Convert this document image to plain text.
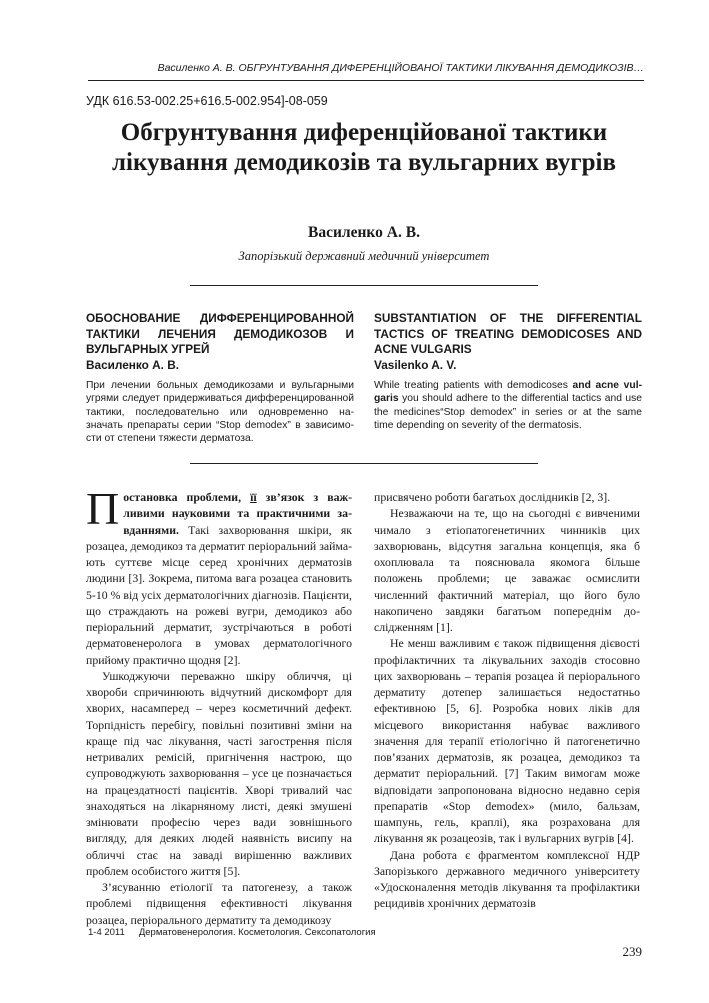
Василенко А. В. ОБГРУНТУВАННЯ ДИФЕРЕНЦІЙОВАНОЇ ТАКТИКИ ЛІКУВАННЯ ДЕМОДИКОЗІВ…
УДК 616.53-002.25+616.5-002.954]-08-059
Обгрунтування диференційованої тактики лікування демодикозів та вульгарних вугрів
Василенко А. В.
Запорізький державний медичний університет
ОБОСНОВАНИЕ ДИФФЕРЕНЦИРОВАННОЙ ТАКТИКИ ЛЕЧЕНИЯ ДЕМОДИКОЗОВ И ВУЛЬГАРНЫХ УГРЕЙ
Василенко А. В.
При лечении больных демодикозами и вульгарными угрями следует придерживаться дифференцированной тактики, последовательно или одновременно назначать препараты серии “Stop demodex” в зависимости от степени тяжести дерматоза.
SUBSTANTIATION OF THE DIFFERENTIAL TACTICS OF TREATING DEMODICOSES AND ACNE VULGARIS
Vasilenko A. V.
While treating patients with demodicoses and acne vulgaris you should adhere to the differential tactics and use the medicines“Stop demodex” in series or at the same time depending on severity of the dermatosis.

Постановка проблеми, її зв’язок з важливими науковими та практичними завданнями. Такі захворювання шкіри, як розацеа, демодикоз та дерматит періоральний займають суттєве місце серед хронічних дерматозів людини [3]. Зокрема, питома вага розацеа становить 5-10 % від усіх дерматологічних діагнозів. Пацієнти, що страждають на рожеві вугри, демодикоз або періоральний дерматит, зустрічаються в роботі дерматовенеролога в умовах дерматологічного прийому практично щодня [2].

Ушкоджуючи переважно шкіру обличчя, ці хвороби спричинюють відчутний дискомфорт для хворих, насамперед – через косметичний дефект. Торпідність перебігу, повільні позитивні зміни на краще під час лікування, часті загострення після нетривалих ремісій, пригнічення настрою, що супроводжують захворювання – усе це позначається на працездатності пацієнтів. Хворі тривалий час знаходяться на лікарняному листі, деякі змушені змінювати професію через вади зовнішнього вигляду, для деяких людей наявність висипу на обличчі стає на заваді вирішенню важливих проблем особистого життя [5].

З’ясуванню етіології та патогенезу, а також проблемі підвищення ефективності лікування розацеа, періорального дерматиту та демодикозу

присвячено роботи багатьох дослідників [2, 3].

Незважаючи на те, що на сьогодні є вивченими чимало з етіопатогенетичних чинників цих захворювань, відсутня загальна концепція, яка б охоплювала та пояснювала якомога більше положень проблеми; це заважає осмислити численний фактичний матеріал, що його було накопичено завдяки багатьом попереднім дослідженням [1].

Не менш важливим є також підвищення дієвості профілактичних та лікувальних заходів стосовно цих захворювань – терапія розацеа й періорального дерматиту дотепер залишається недостатньо ефективною [5, 6]. Розробка нових ліків для місцевого використання набуває важливого значення для терапії етіологічно й патогенетично пов’язаних дерматозів, як розацеа, демодикоз та дерматит періоральний. [7] Таким вимогам може відповідати запропонована відносно недавно серія препаратів «Stop demodex» (мило, бальзам, шампунь, гель, краплі), яка розрахована для лікування як розацеозів, так і вульгарних вугрів [4].

Дана робота є фрагментом комплексної НДР Запорізького державного медичного університету «Удосконалення методів лікування та профілактики рецидивів хронічних дерматозів

1-4 2011 Дерматовенерология. Косметология. Сексопатология
239
